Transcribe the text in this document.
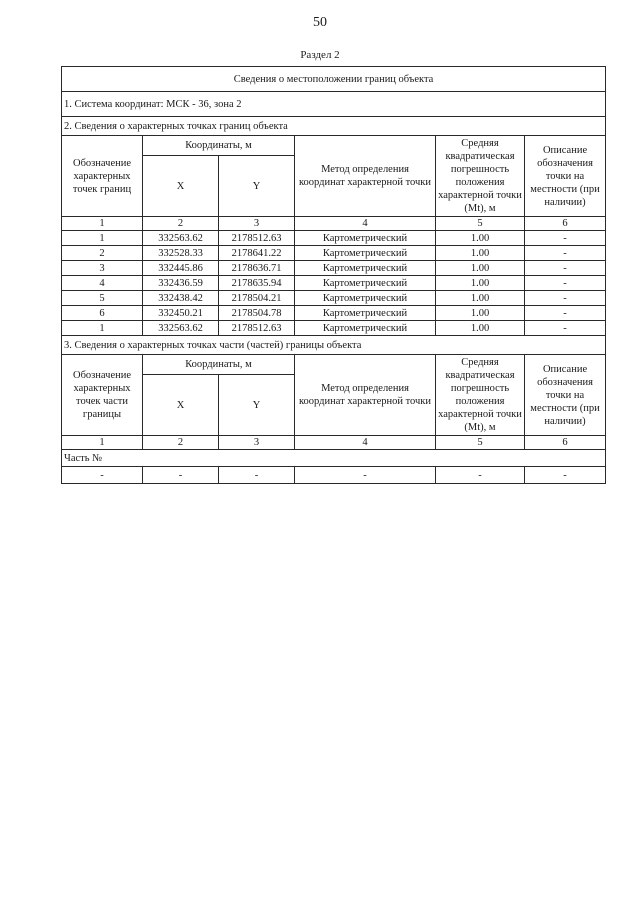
50
Раздел 2
Сведения о местоположении границ объекта					
1. Система координат: МСК - 36, зона 2					
2. Сведения о характерных точках границ объекта					
Обозначение характерных точек границ	Координаты, м		Метод определения координат характерной точки	Средняя квадратическая погрешность положения характерной точки (Mt), м	Описание обозначения точки на местности (при наличии)
	X	Y			
1	2	3	4	5	6
1	332563.62	2178512.63	Картометрический	1.00	-
2	332528.33	2178641.22	Картометрический	1.00	-
3	332445.86	2178636.71	Картометрический	1.00	-
4	332436.59	2178635.94	Картометрический	1.00	-
5	332438.42	2178504.21	Картометрический	1.00	-
6	332450.21	2178504.78	Картометрический	1.00	-
1	332563.62	2178512.63	Картометрический	1.00	-
3. Сведения о характерных точках части (частей) границы объекта					
Обозначение характерных точек части границы	Координаты, м		Метод определения координат характерной точки	Средняя квадратическая погрешность положения характерной точки (Mt), м	Описание обозначения точки на местности (при наличии)
	X	Y			
1	2	3	4	5	6
Часть №					
-	-	-	-	-	-
